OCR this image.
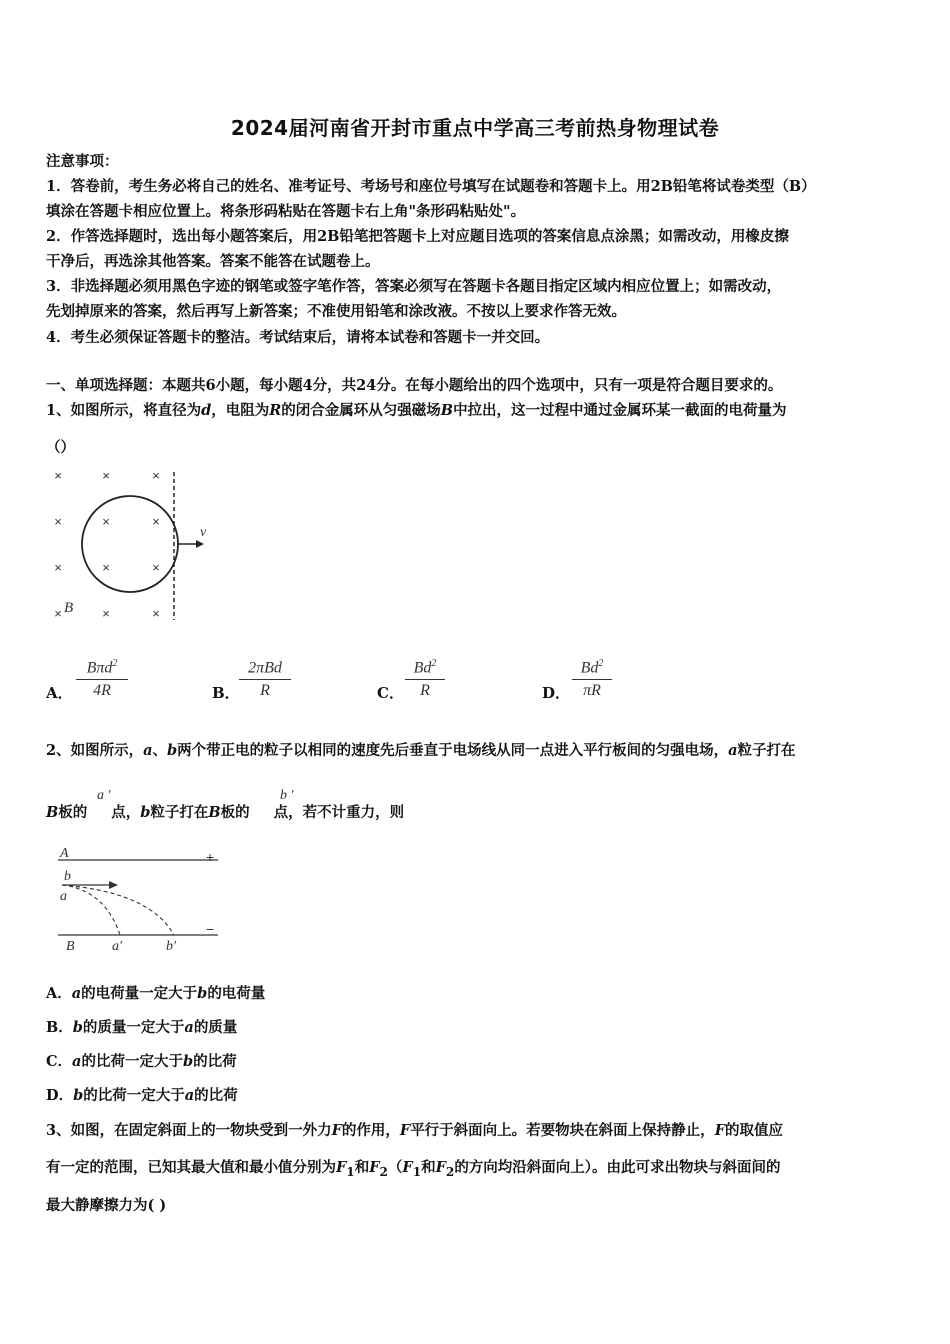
2024届河南省开封市重点中学高三考前热身物理试卷
注意事项：
1．答卷前，考生务必将自己的姓名、准考证号、考场号和座位号填写在试题卷和答题卡上。用2B铅笔将试卷类型（B）
填涂在答题卡相应位置上。将条形码粘贴在答题卡右上角"条形码粘贴处"。
2．作答选择题时，选出每小题答案后，用2B铅笔把答题卡上对应题目选项的答案信息点涂黑；如需改动，用橡皮擦
干净后，再选涂其他答案。答案不能答在试题卷上。
3．非选择题必须用黑色字迹的钢笔或签字笔作答，答案必须写在答题卡各题目指定区域内相应位置上；如需改动，
先划掉原来的答案，然后再写上新答案；不准使用铅笔和涂改液。不按以上要求作答无效。
4．考生必须保证答题卡的整洁。考试结束后，请将本试卷和答题卡一并交回。
一、单项选择题：本题共6小题，每小题4分，共24分。在每小题给出的四个选项中，只有一项是符合题目要求的。
1、如图所示，将直径为d，电阻为R的闭合金属环从匀强磁场B中拉出，这一过程中通过金属环某一截面的电荷量为
（）
×	×	×
×	×	×
×	×	×
×	×	×
v
B
A．
Bπd$^2$
4R	B．
2πBd
R	C．
Bd$^2$
R	D．
Bd$^2$
πR
2、如图所示，a、b两个带正电的粒子以相同的速度先后垂直于电场线从同一点进入平行板间的匀强电场，a粒子打在
B板的 点，b粒子打在B板的 点，若不计重力，则
a '	b '
A
b
a
B	a′	b′
+
−
A．a的电荷量一定大于b的电荷量
B．b的质量一定大于a的质量
C．a的比荷一定大于b的比荷
D．b的比荷一定大于a的比荷
3、如图，在固定斜面上的一物块受到一外力F的作用，F平行于斜面向上。若要物块在斜面上保持静止，F的取值应
有一定的范围，已知其最大值和最小值分别为$F_1$和$F_2(F_1$和$F_2$的方向均沿斜面向上）。由此可求出物块与斜面间的
最大静摩擦力为( )
